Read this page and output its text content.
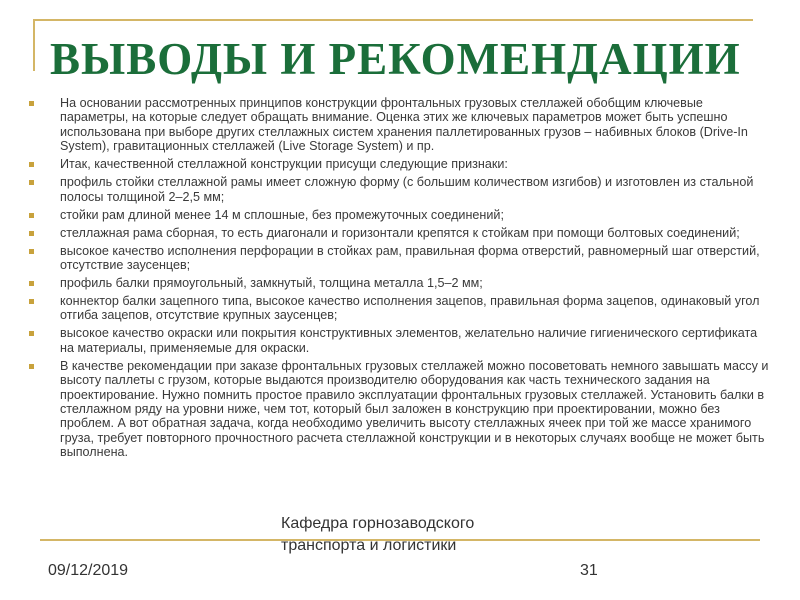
ВЫВОДЫ И РЕКОМЕНДАЦИИ
На основании рассмотренных принципов конструкции фронтальных грузовых стеллажей обобщим ключевые параметры, на которые следует обращать внимание. Оценка этих же ключевых параметров может быть успешно использована при выборе других стеллажных систем хранения паллетированных грузов – набивных блоков (Drive-In System), гравитационных стеллажей (Live Storage System) и пр.
Итак, качественной стеллажной конструкции присущи следующие признаки:
профиль стойки стеллажной рамы имеет сложную форму (с большим количеством изгибов) и изготовлен из стальной полосы толщиной 2–2,5 мм;
стойки рам длиной менее 14 м сплошные, без промежуточных соединений;
стеллажная рама сборная, то есть диагонали и горизонтали крепятся к стойкам при помощи болтовых соединений;
высокое качество исполнения перфорации в стойках рам, правильная форма отверстий, равномерный шаг отверстий, отсутствие заусенцев;
профиль балки прямоугольный, замкнутый, толщина металла 1,5–2 мм;
коннектор балки зацепного типа, высокое качество исполнения зацепов, правильная форма зацепов, одинаковый угол отгиба зацепов, отсутствие крупных заусенцев;
высокое качество окраски или покрытия конструктивных элементов, желательно наличие гигиенического сертификата на материалы, применяемые для окраски.
В качестве рекомендации при заказе фронтальных грузовых стеллажей можно посоветовать немного завышать массу и высоту паллеты с грузом, которые выдаются производителю оборудования как часть технического задания на проектирование. Нужно помнить простое правило эксплуатации фронтальных грузовых стеллажей. Установить балки в стеллажном ряду на уровни ниже, чем тот, который был заложен в конструкцию при проектировании, можно без проблем. А вот обратная задача, когда необходимо увеличить высоту стеллажных ячеек при той же массе хранимого груза, требует повторного прочностного расчета стеллажной конструкции и в некоторых случаях вообще не может быть выполнена.
09/12/2019
Кафедра горнозаводского транспорта и логистики
31
